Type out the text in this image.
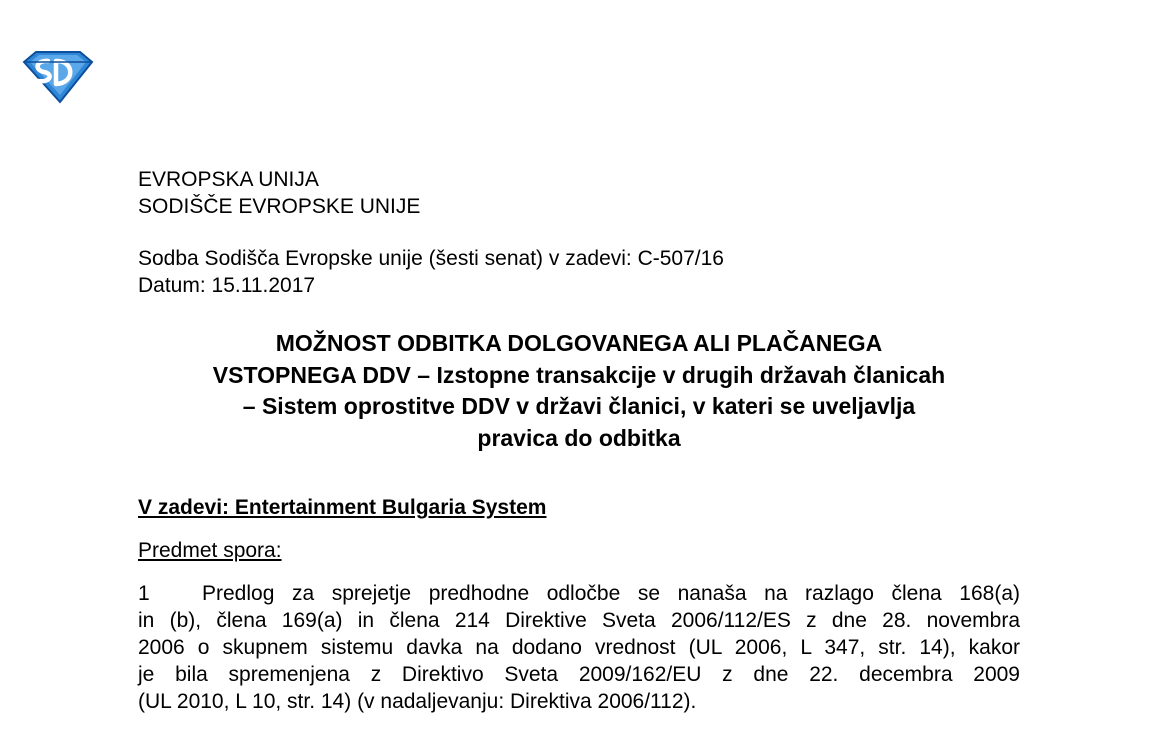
EVROPSKA UNIJA
SODIŠČE EVROPSKE UNIJE
Sodba Sodišča Evropske unije (šesti senat) v zadevi: C-507/16
Datum: 15.11.2017
MOŽNOST ODBITKA DOLGOVANEGA ALI PLAČANEGA
VSTOPNEGA DDV – Izstopne transakcije v drugih državah članicah
– Sistem oprostitve DDV v državi članici, v kateri se uveljavlja
pravica do odbitka
V zadevi: Entertainment Bulgaria System
Predmet spora:
1 Predlog za sprejetje predhodne odločbe se nanaša na razlago člena 168(a)
in (b), člena 169(a) in člena 214 Direktive Sveta 2006/112/ES z dne 28. novembra
2006 o skupnem sistemu davka na dodano vrednost (UL 2006, L 347, str. 14), kakor
je bila spremenjena z Direktivo Sveta 2009/162/EU z dne 22. decembra 2009
(UL 2010, L 10, str. 14) (v nadaljevanju: Direktiva 2006/112).
